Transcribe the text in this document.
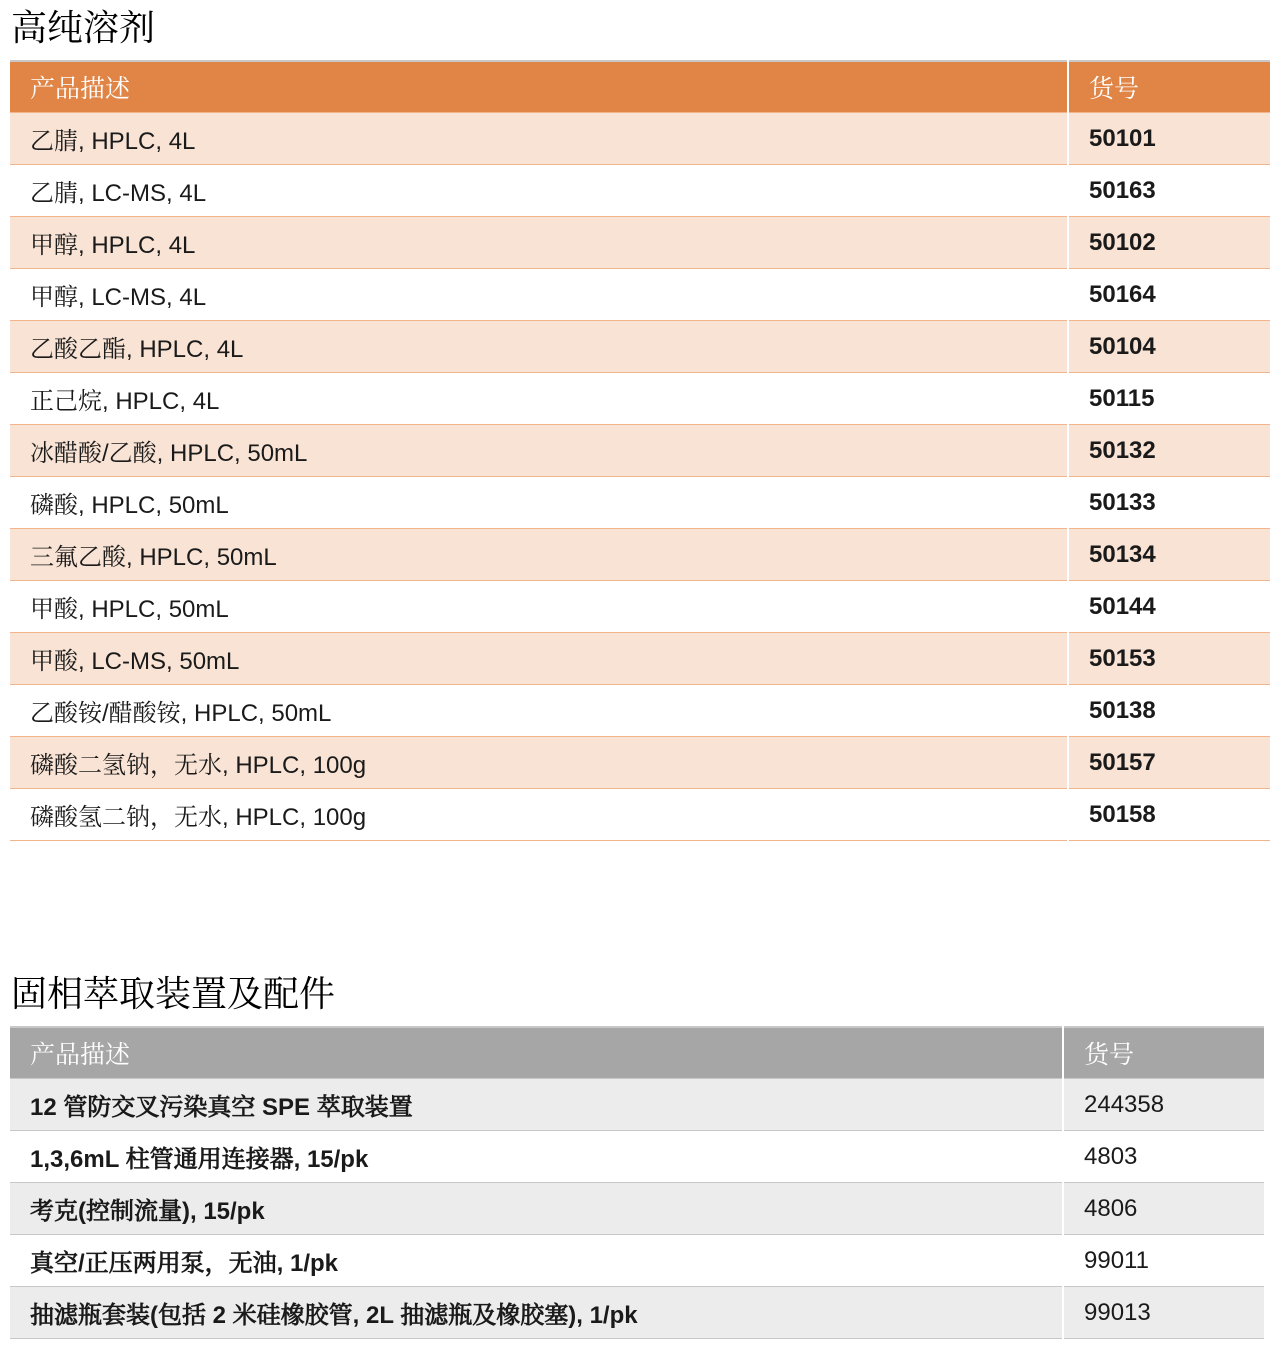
高纯溶剂
产品描述	货号
乙腈, HPLC, 4L	50101
乙腈, LC-MS, 4L	50163
甲醇, HPLC, 4L	50102
甲醇, LC-MS, 4L	50164
乙酸乙酯, HPLC, 4L	50104
正己烷, HPLC, 4L	50115
冰醋酸/乙酸, HPLC, 50mL	50132
磷酸, HPLC, 50mL	50133
三氟乙酸, HPLC, 50mL	50134
甲酸, HPLC, 50mL	50144
甲酸, LC-MS, 50mL	50153
乙酸铵/醋酸铵, HPLC, 50mL	50138
磷酸二氢钠，无水, HPLC, 100g	50157
磷酸氢二钠，无水, HPLC, 100g	50158
固相萃取装置及配件
产品描述	货号
12 管防交叉污染真空 SPE 萃取装置	244358
1,3,6mL 柱管通用连接器, 15/pk	4803
考克(控制流量), 15/pk	4806
真空/正压两用泵，无油, 1/pk	99011
抽滤瓶套装(包括 2 米硅橡胶管, 2L 抽滤瓶及橡胶塞), 1/pk	99013
